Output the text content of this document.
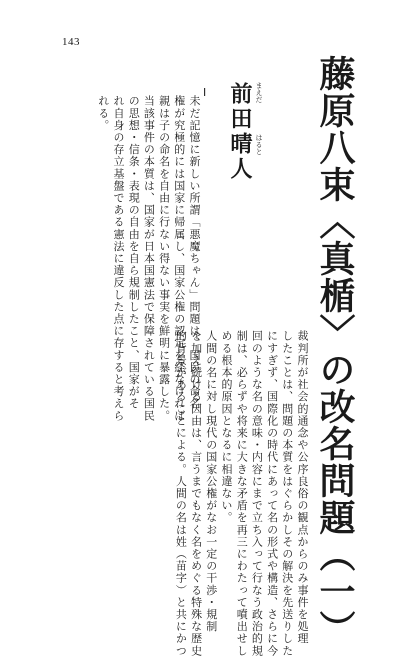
143
藤原八束〈真楯〉の改名問題（一）
まえだ
はると
前田晴人
Ⅰ
未だ記憶に新しい所謂「悪魔ちゃん」問題は、国民の命名
権が究極的には国家に帰属し、国家公権の認定を経なければ
親は子の命名を自由に行ない得ない事実を鮮明に暴露した。
当該事件の本質は、国家が日本国憲法で保障されている国民
の思想・信条・表現の自由を自ら規制したこと、国家がそ
れ自身の存立基盤である憲法に違反した点に存すると考えら
れる。
裁判所が社会的通念や公序良俗の観点からのみ事件を処理
したことは、問題の本質をはぐらかしその解決を先送りした
にすぎず、国際化の時代にあって名の形式や構造、さらに今
回のような名の意味・内容にまで立ち入って行なう政治的規
制は、必らずや将来に大きな矛盾を再三にわたって噴出せし
める根本的原因となるに相違ない。
人間の名に対し現代の国家公権がなお一定の干渉・規制
を加え続ける因由は、言うまでもなく名をめぐる特殊な歴史
的背景があることによる。人間の名は姓（苗字）と共にかつ
